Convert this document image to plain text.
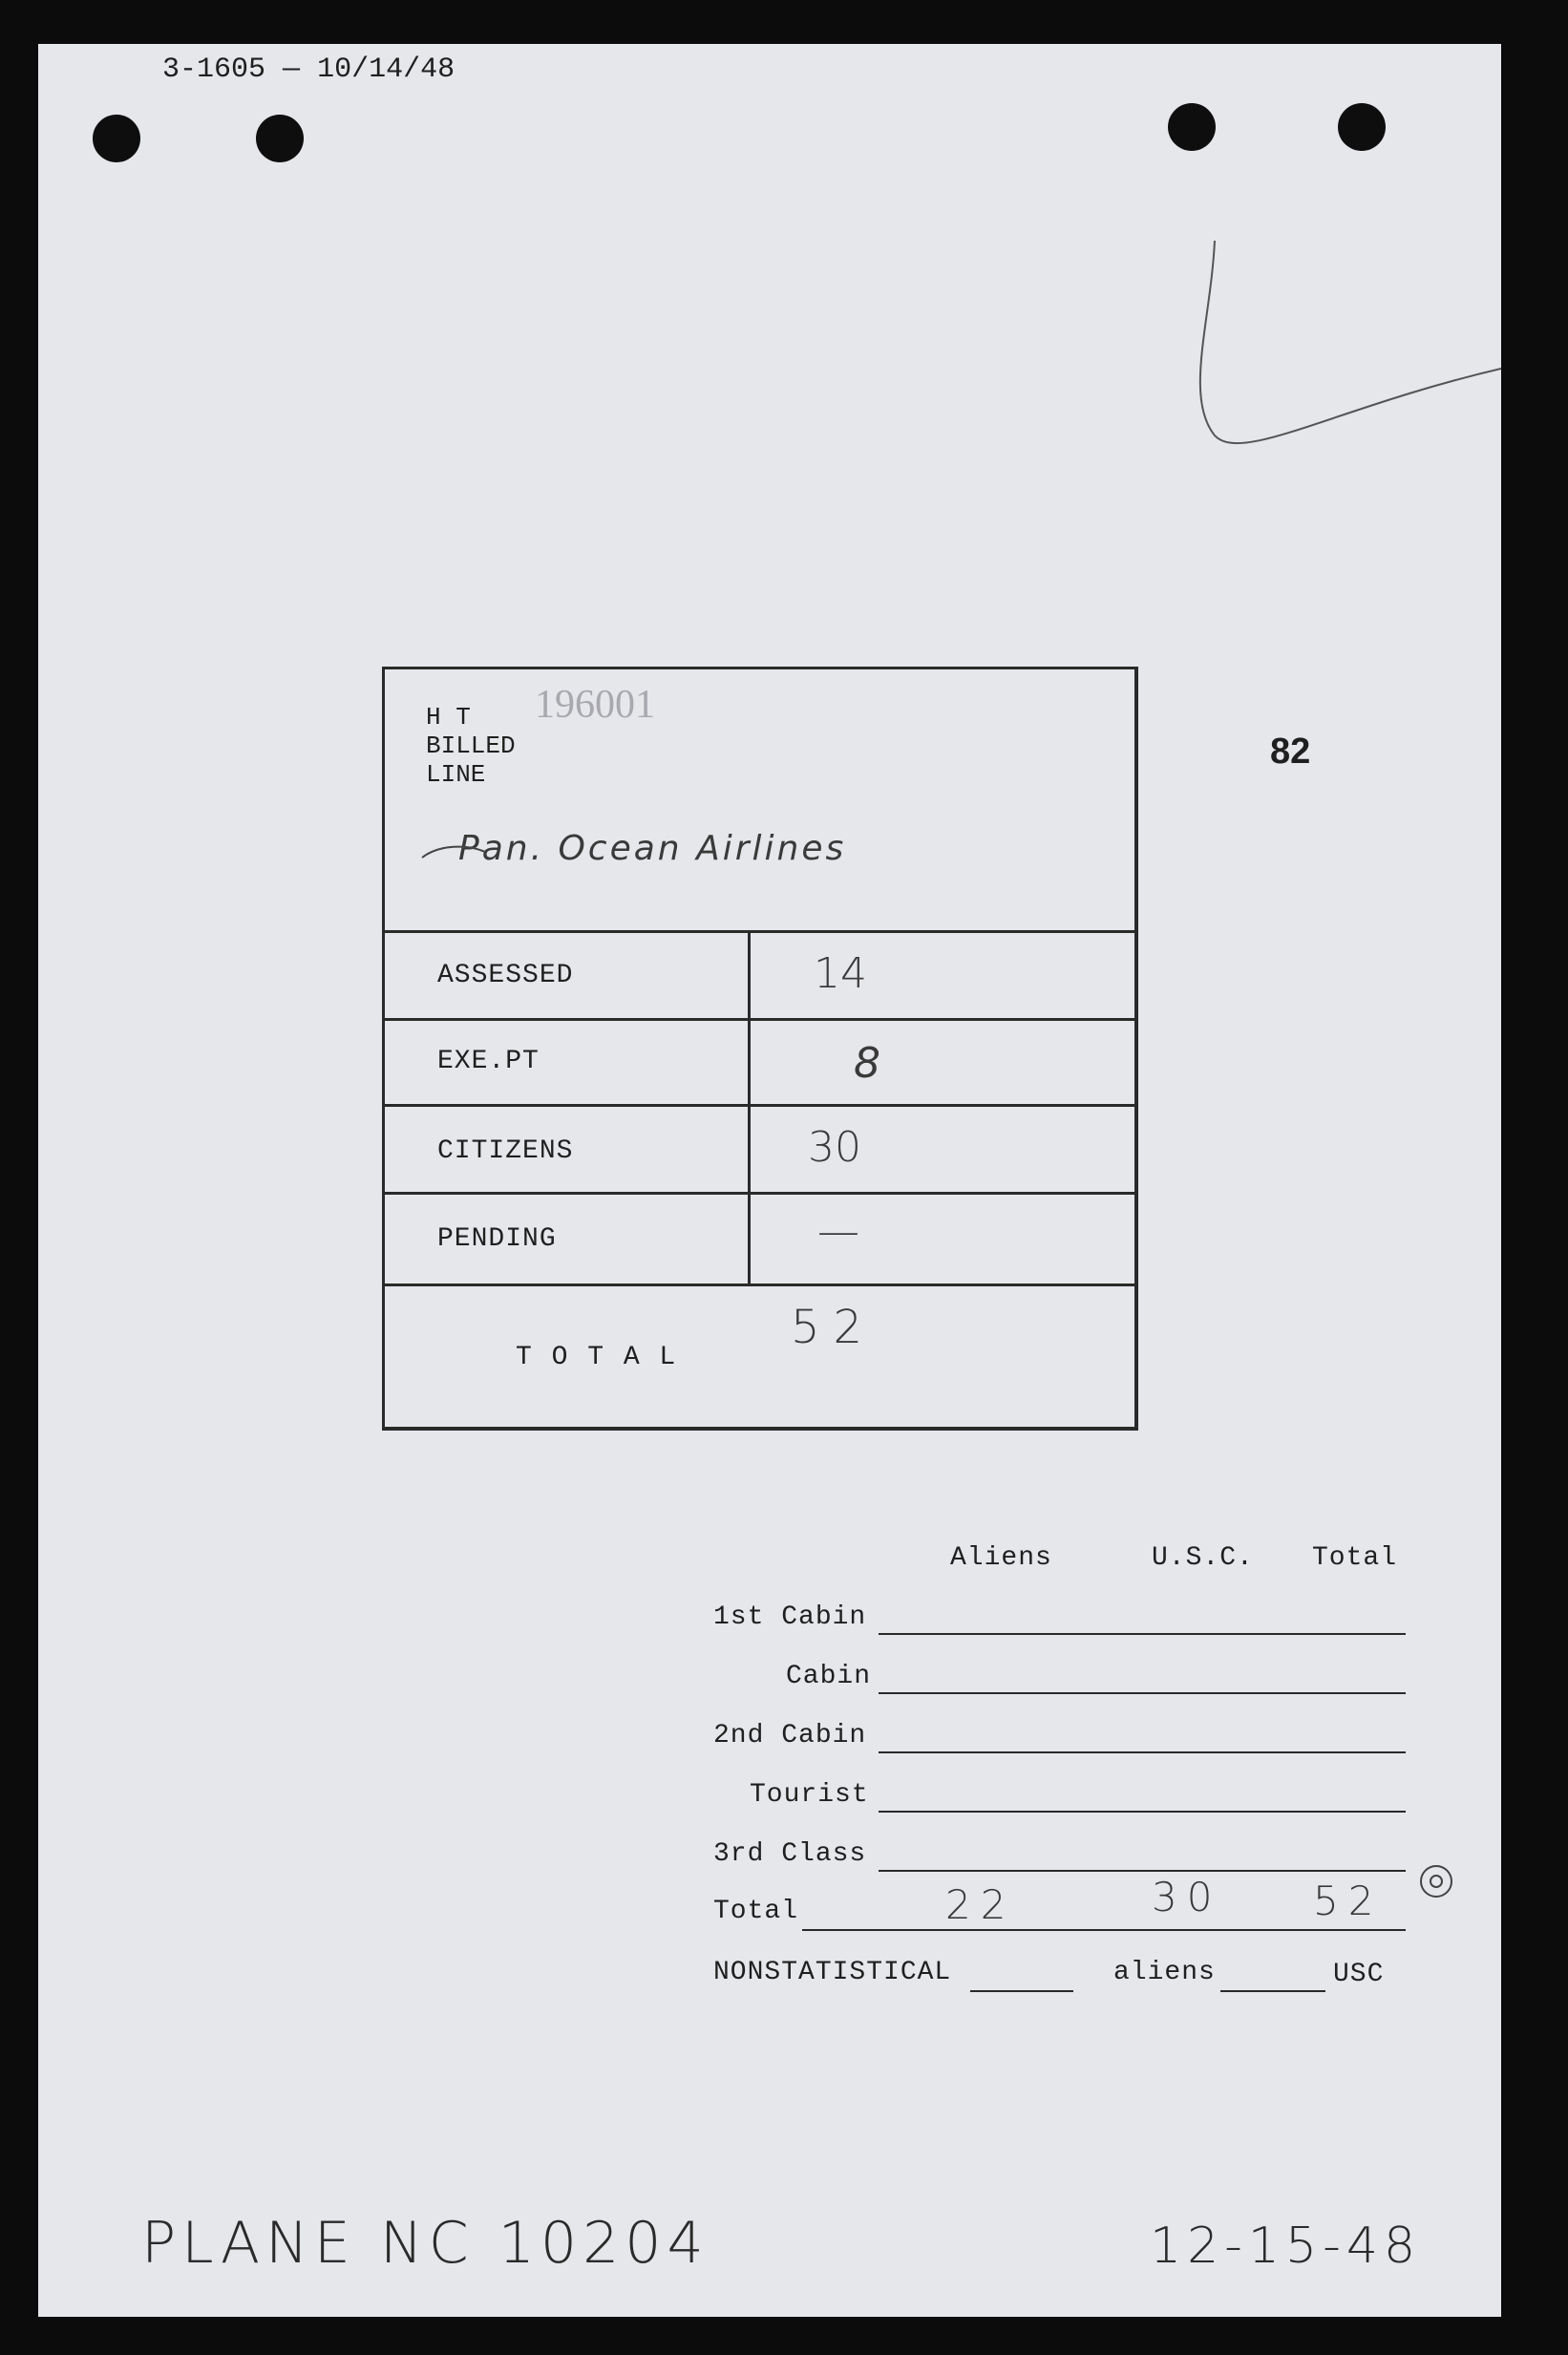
3-1605 — 10/14/48
82
196001
H T
BILLED
LINE
Pan. Ocean Airlines
ASSESSED	14
EXE.PT	8
CITIZENS	30
PENDING	—
T O T A L
52
Aliens	U.S.C. Total
1st Cabin
Cabin
2nd Cabin
Tourist
3rd Class
Total	22	30 52
NONSTATISTICAL	aliens	USC
PLANE NC 10204	12-15-48
